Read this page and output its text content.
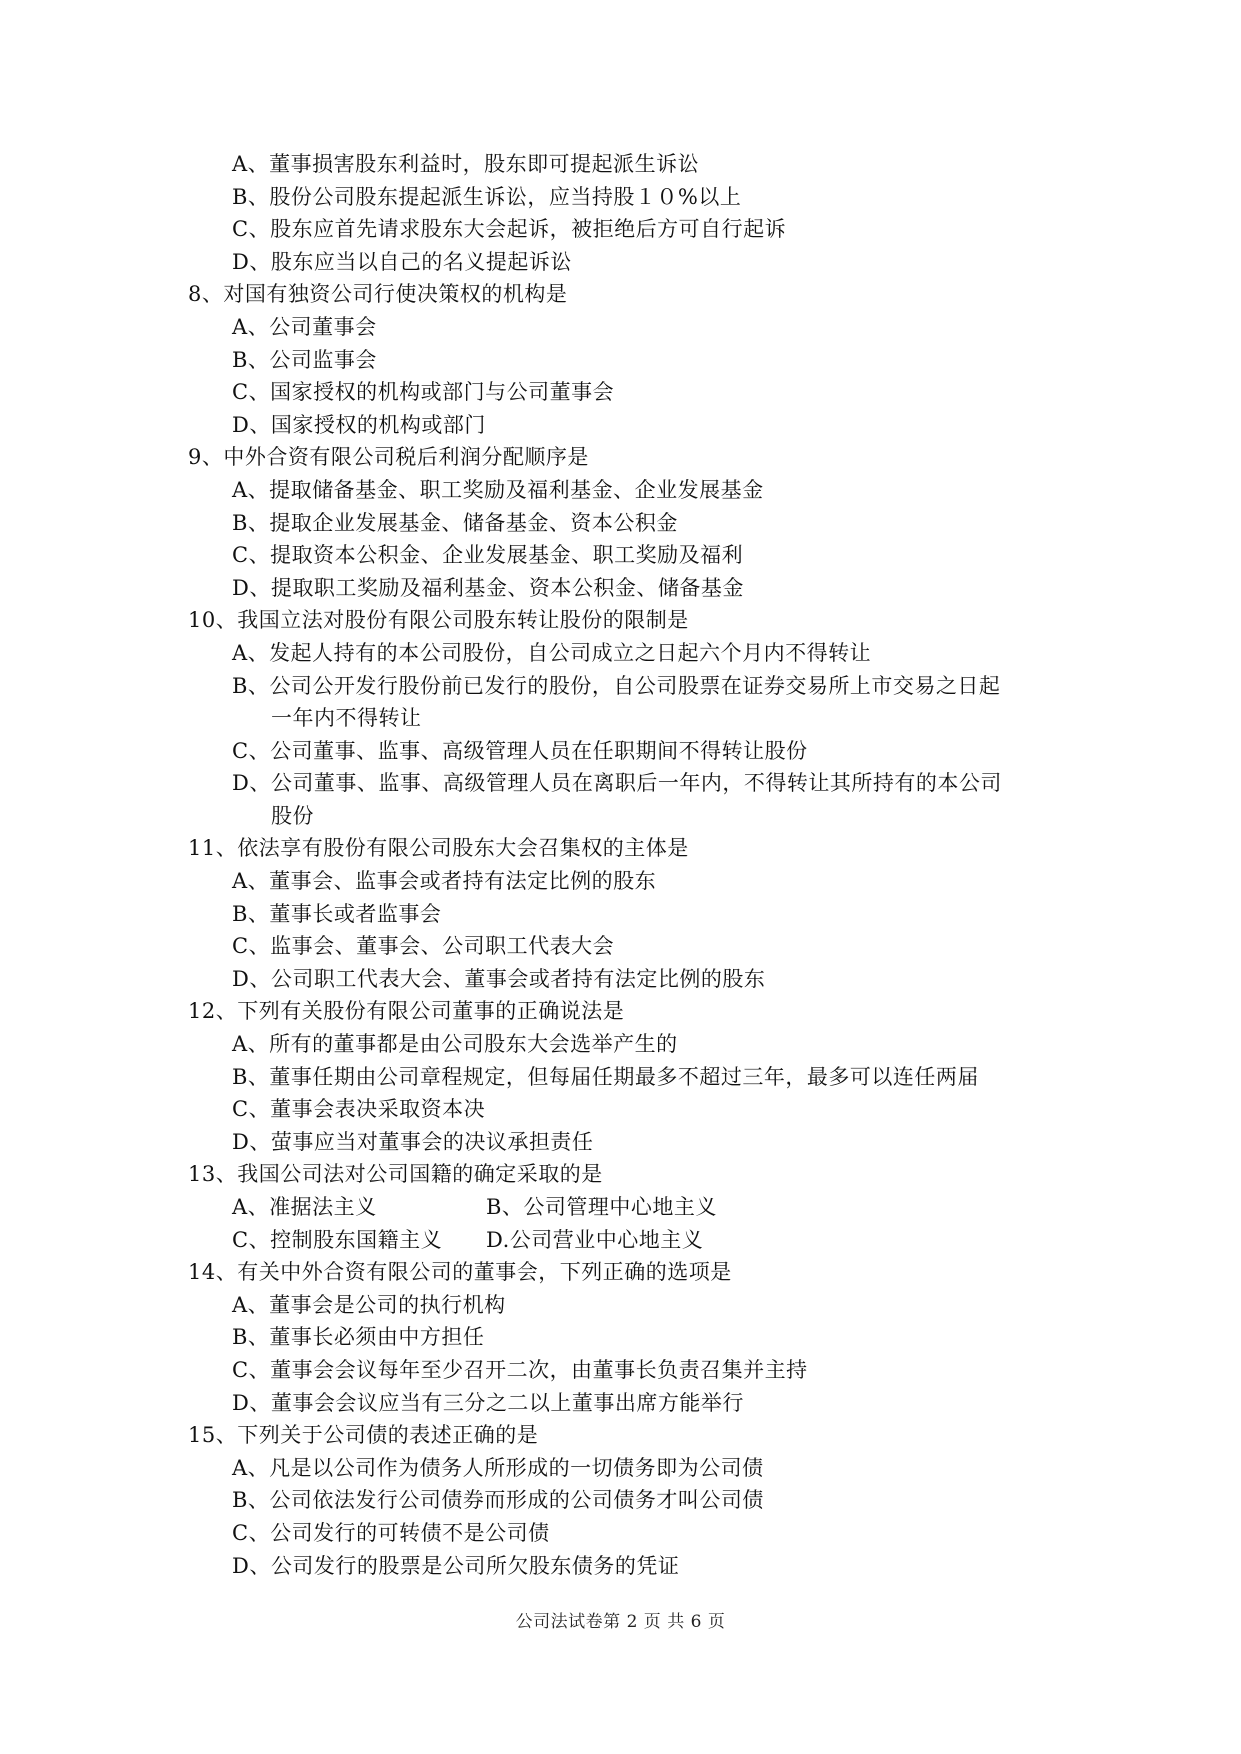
A、董事损害股东利益时，股东即可提起派生诉讼
B、股份公司股东提起派生诉讼，应当持股１０%以上
C、股东应首先请求股东大会起诉，被拒绝后方可自行起诉
D、股东应当以自己的名义提起诉讼
8、对国有独资公司行使决策权的机构是
A、公司董事会
B、公司监事会
C、国家授权的机构或部门与公司董事会
D、国家授权的机构或部门
9、中外合资有限公司税后利润分配顺序是
A、提取储备基金、职工奖励及福利基金、企业发展基金
B、提取企业发展基金、储备基金、资本公积金
C、提取资本公积金、企业发展基金、职工奖励及福利
D、提取职工奖励及福利基金、资本公积金、储备基金
10、我国立法对股份有限公司股东转让股份的限制是
A、发起人持有的本公司股份，自公司成立之日起六个月内不得转让
B、公司公开发行股份前已发行的股份，自公司股票在证券交易所上市交易之日起
一年内不得转让
C、公司董事、监事、高级管理人员在任职期间不得转让股份
D、公司董事、监事、高级管理人员在离职后一年内，不得转让其所持有的本公司
股份
11、依法享有股份有限公司股东大会召集权的主体是
A、董事会、监事会或者持有法定比例的股东
B、董事长或者监事会
C、监事会、董事会、公司职工代表大会
D、公司职工代表大会、董事会或者持有法定比例的股东
12、下列有关股份有限公司董事的正确说法是
A、所有的董事都是由公司股东大会选举产生的
B、董事任期由公司章程规定，但每届任期最多不超过三年，最多可以连任两届
C、董事会表决采取资本决
D、萤事应当对董事会的决议承担责任
13、我国公司法对公司国籍的确定采取的是
A、准据法主义	B、公司管理中心地主义
C、控制股东国籍主义	D.公司营业中心地主义
14、有关中外合资有限公司的董事会，下列正确的选项是
A、董事会是公司的执行机构
B、董事长必须由中方担任
C、董事会会议每年至少召开二次，由董事长负责召集并主持
D、董事会会议应当有三分之二以上董事出席方能举行
15、下列关于公司债的表述正确的是
A、凡是以公司作为债务人所形成的一切债务即为公司债
B、公司依法发行公司债券而形成的公司债务才叫公司债
C、公司发行的可转债不是公司债
D、公司发行的股票是公司所欠股东债务的凭证
公司法试卷第 2 页 共 6 页
